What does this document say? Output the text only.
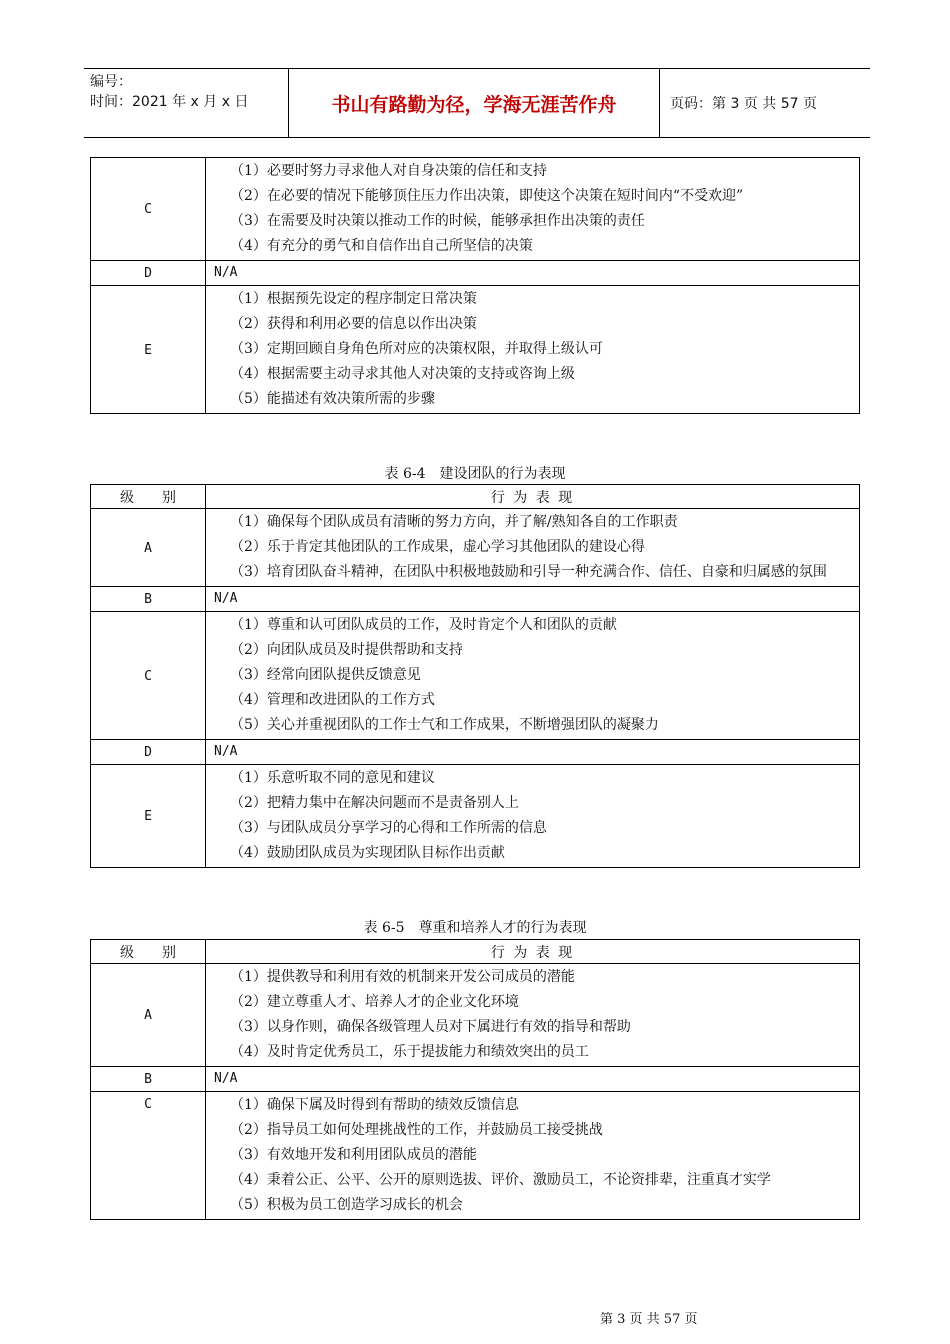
编号：
时间：2021 年 x 月 x 日	书山有路勤为径，学海无涯苦作舟	页码：第 3 页 共 57 页
C	（1）必要时努力寻求他人对自身决策的信任和支持
（2）在必要的情况下能够顶住压力作出决策，即使这个决策在短时间内“不受欢迎”
（3）在需要及时决策以推动工作的时候，能够承担作出决策的责任
（4）有充分的勇气和自信作出自己所坚信的决策

D	N/A

E	（1）根据预先设定的程序制定日常决策
（2）获得和利用必要的信息以作出决策
（3）定期回顾自身角色所对应的决策权限，并取得上级认可
（4）根据需要主动寻求其他人对决策的支持或咨询上级
（5）能描述有效决策所需的步骤
表 6-4　建设团队的行为表现
级　　别	行 为 表 现
A	（1）确保每个团队成员有清晰的努力方向，并了解/熟知各自的工作职责
（2）乐于肯定其他团队的工作成果，虚心学习其他团队的建设心得
（3）培育团队奋斗精神，在团队中积极地鼓励和引导一种充满合作、信任、自豪和归属感的氛围

B	N/A

C	（1）尊重和认可团队成员的工作，及时肯定个人和团队的贡献
（2）向团队成员及时提供帮助和支持
（3）经常向团队提供反馈意见
（4）管理和改进团队的工作方式
（5）关心并重视团队的工作士气和工作成果，不断增强团队的凝聚力

D	N/A

E	（1）乐意听取不同的意见和建议
（2）把精力集中在解决问题而不是责备别人上
（3）与团队成员分享学习的心得和工作所需的信息
（4）鼓励团队成员为实现团队目标作出贡献
表 6-5　尊重和培养人才的行为表现
级　　别	行 为 表 现
A	（1）提供教导和利用有效的机制来开发公司成员的潜能
（2）建立尊重人才、培养人才的企业文化环境
（3）以身作则，确保各级管理人员对下属进行有效的指导和帮助
（4）及时肯定优秀员工，乐于提拔能力和绩效突出的员工

B	N/A

C	（1）确保下属及时得到有帮助的绩效反馈信息
（2）指导员工如何处理挑战性的工作，并鼓励员工接受挑战
（3）有效地开发和利用团队成员的潜能
（4）秉着公正、公平、公开的原则选拔、评价、激励员工，不论资排辈，注重真才实学
（5）积极为员工创造学习成长的机会
第 3 页 共 57 页
